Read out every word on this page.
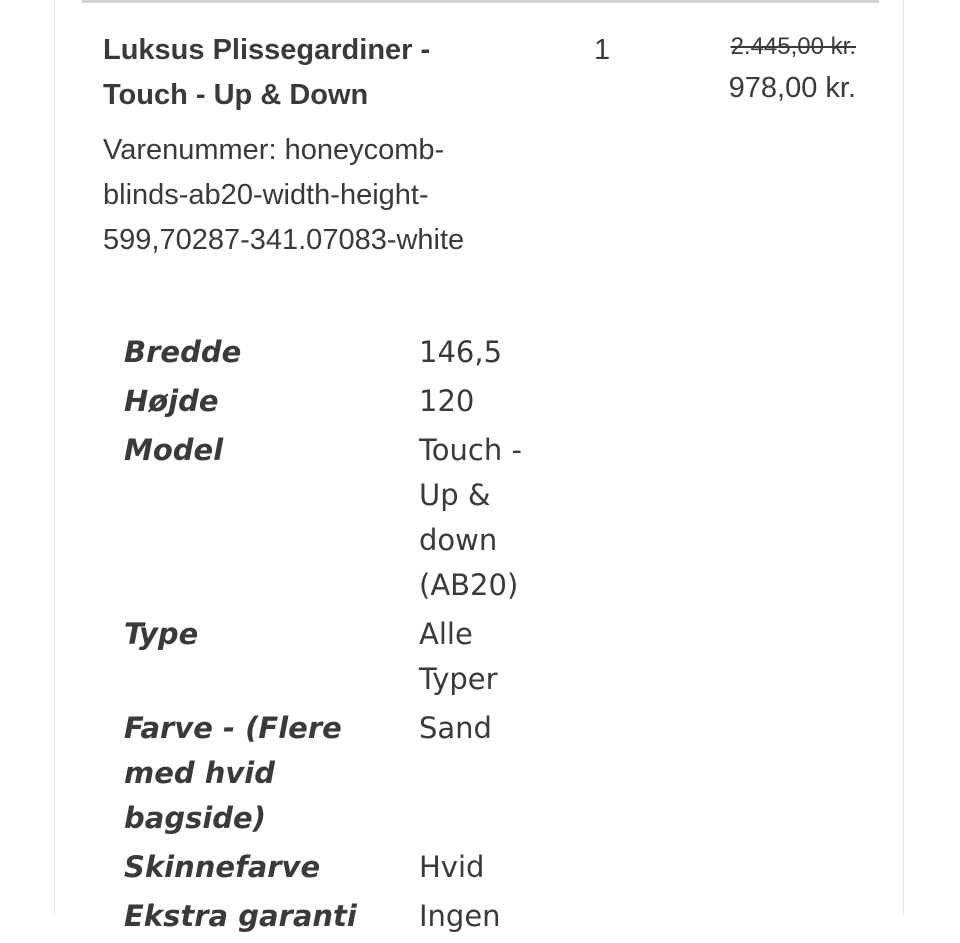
Luksus Plissegardiner - Touch - Up & Down
1	2.445,00 kr.
978,00 kr.

Varenummer: honeycomb-blinds-ab20-width-height-599,70287-341.07083-white

Bredde	146,5
Højde	120
Model	Touch - Up & down (AB20)
Type	Alle Typer
Farve - (Flere med hvid bagside)	Sand
Skinnefarve	Hvid
Ekstra garanti	Ingen
